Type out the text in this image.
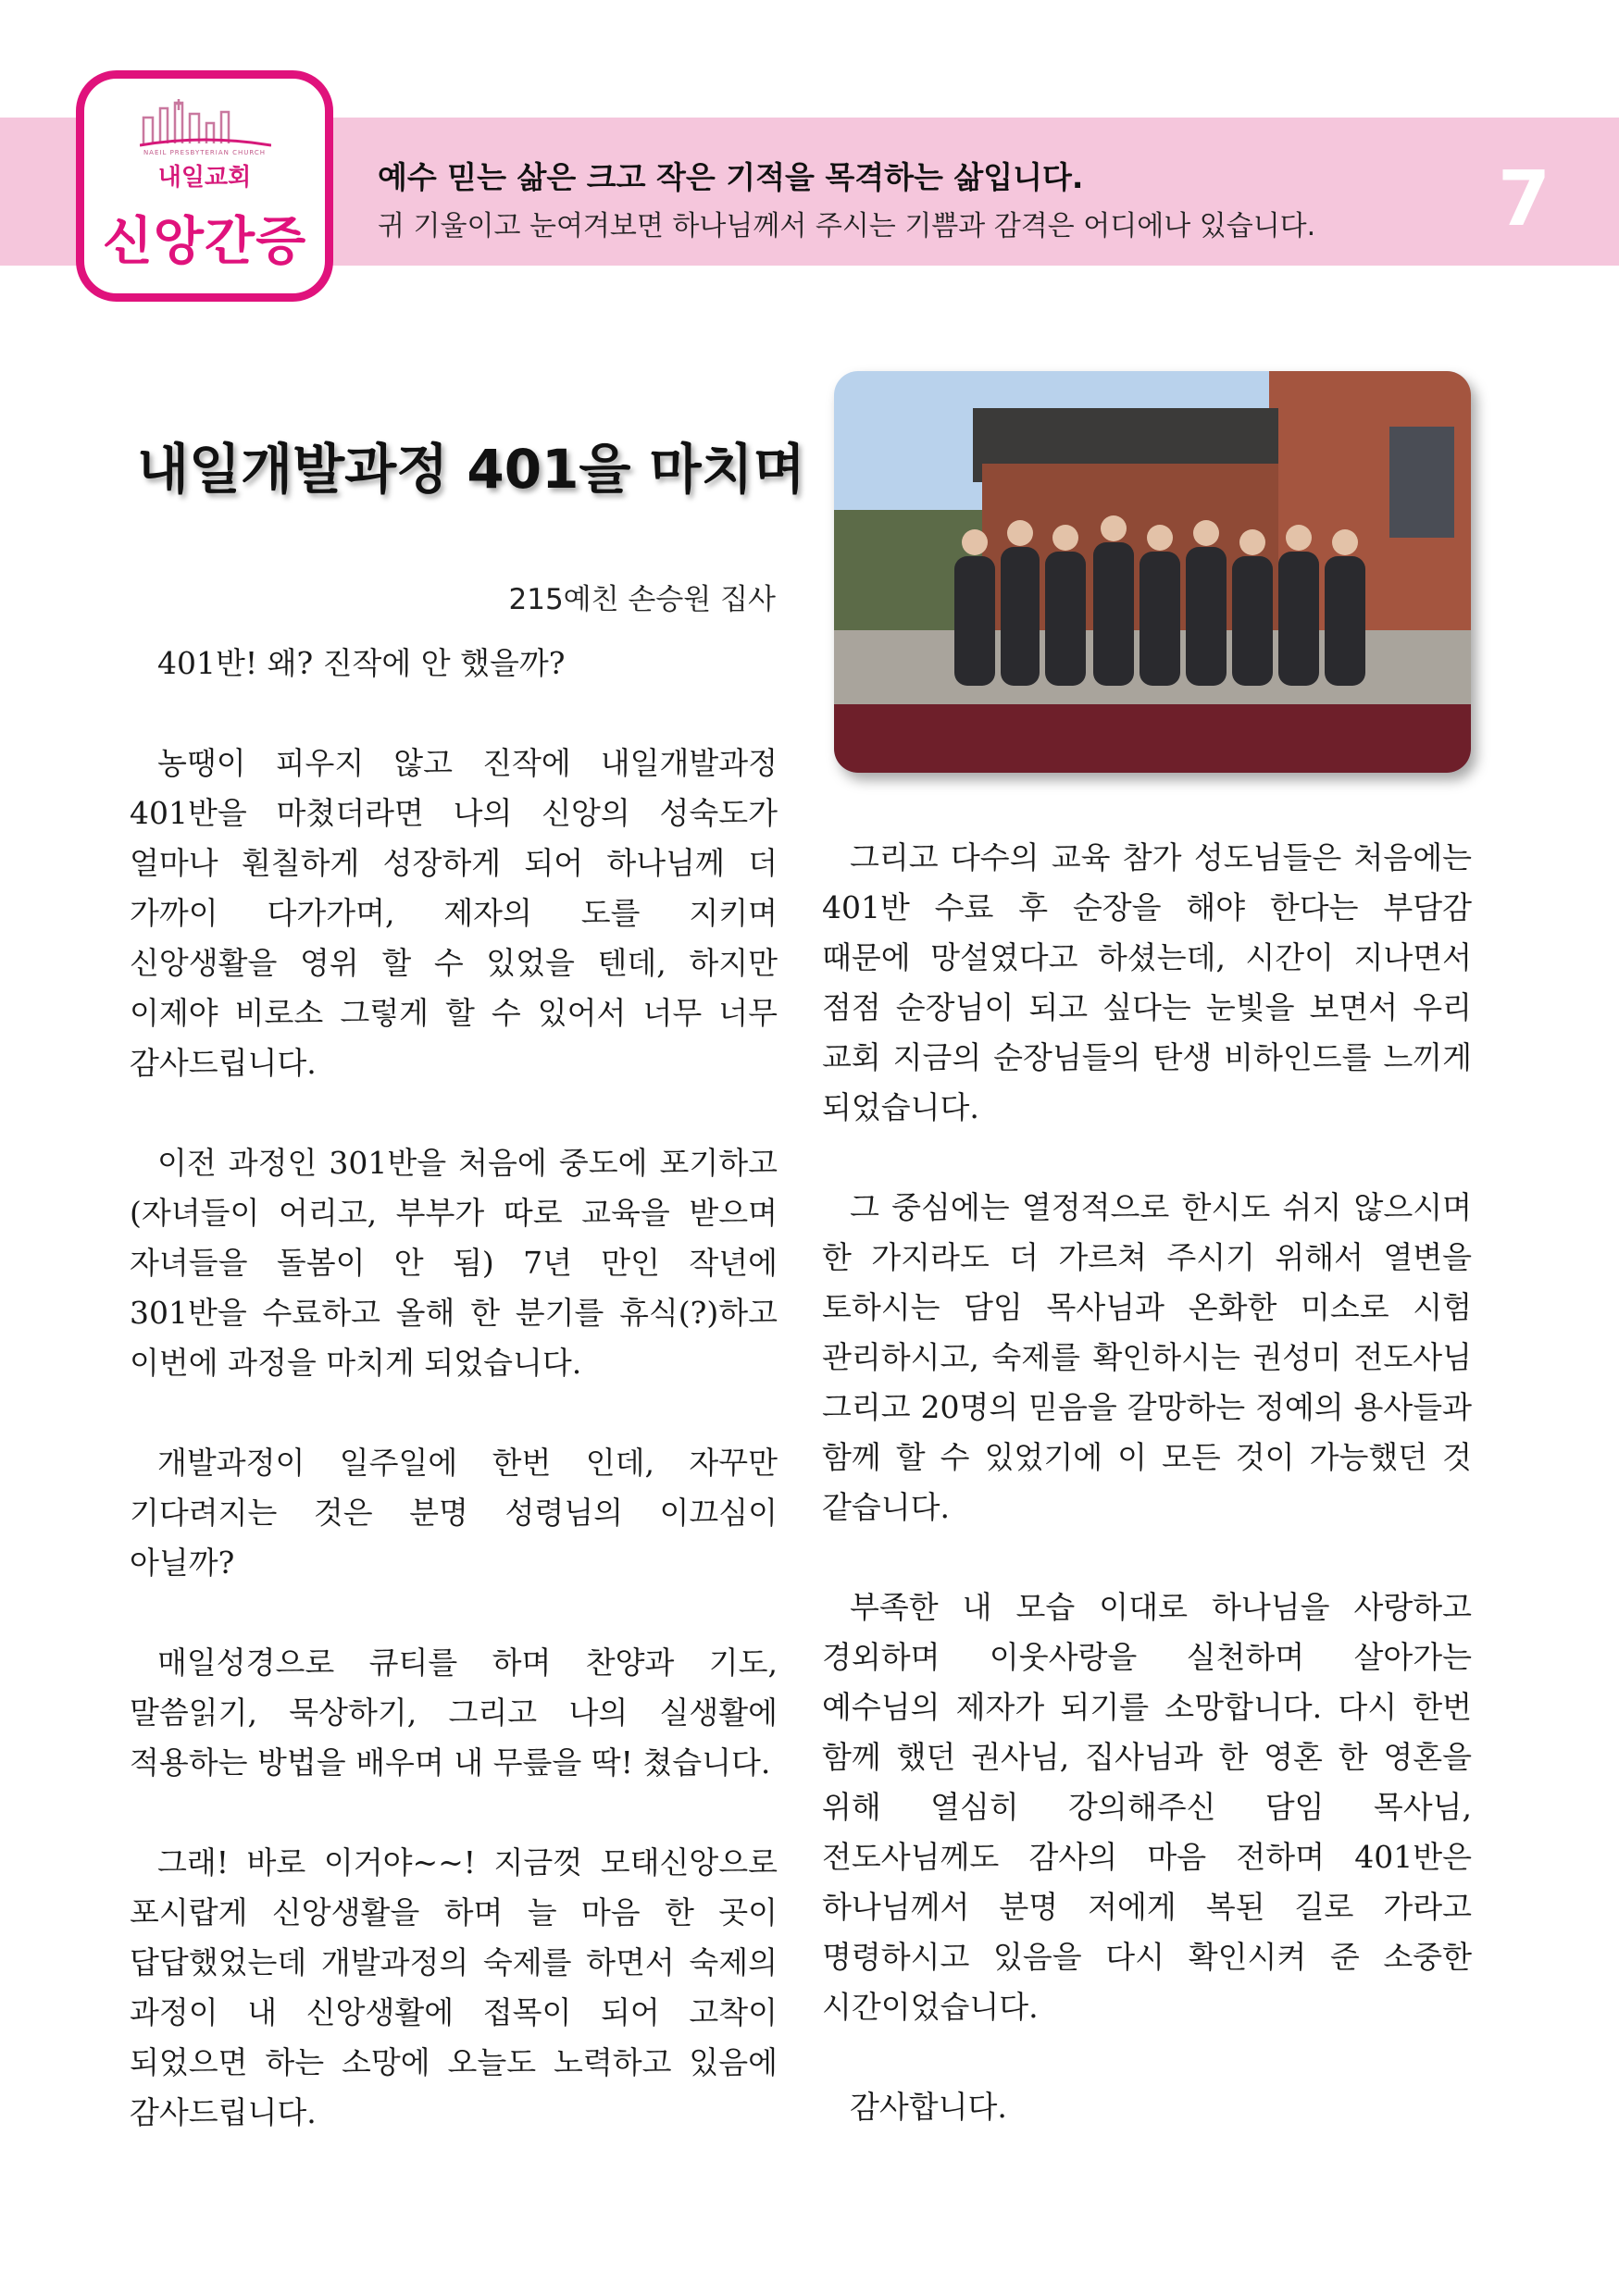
NAEIL PRESBYTERIAN CHURCH
내일교회
신앙간증
예수 믿는 삶은 크고 작은 기적을 목격하는 삶입니다.
귀 기울이고 눈여겨보면 하나님께서 주시는 기쁨과 감격은 어디에나 있습니다. 7
내일개발과정 401을 마치며
215예친 손승원 집사

401반! 왜? 진작에 안 했을까?

농땡이 피우지 않고 진작에 내일개발과정 401반을 마쳤더라면 나의 신앙의 성숙도가 얼마나 훤칠하게 성장하게 되어 하나님께 더 가까이 다가가며, 제자의 도를 지키며 신앙생활을 영위 할 수 있었을 텐데, 하지만 이제야 비로소 그렇게 할 수 있어서 너무 너무 감사드립니다.

이전 과정인 301반을 처음에 중도에 포기하고(자녀들이 어리고, 부부가 따로 교육을 받으며 자녀들을 돌봄이 안 됨) 7년 만인 작년에 301반을 수료하고 올해 한 분기를 휴식(?)하고 이번에 과정을 마치게 되었습니다.

개발과정이 일주일에 한번 인데, 자꾸만 기다려지는 것은 분명 성령님의 이끄심이 아닐까?

매일성경으로 큐티를 하며 찬양과 기도, 말씀읽기, 묵상하기, 그리고 나의 실생활에 적용하는 방법을 배우며 내 무릎을 딱! 쳤습니다.

그래! 바로 이거야~~! 지금껏 모태신앙으로 포시랍게 신앙생활을 하며 늘 마음 한 곳이 답답했었는데 개발과정의 숙제를 하면서 숙제의 과정이 내 신앙생활에 접목이 되어 고착이 되었으면 하는 소망에 오늘도 노력하고 있음에 감사드립니다.

그리고 다수의 교육 참가 성도님들은 처음에는 401반 수료 후 순장을 해야 한다는 부담감 때문에 망설였다고 하셨는데, 시간이 지나면서 점점 순장님이 되고 싶다는 눈빛을 보면서 우리 교회 지금의 순장님들의 탄생 비하인드를 느끼게 되었습니다.

그 중심에는 열정적으로 한시도 쉬지 않으시며 한 가지라도 더 가르쳐 주시기 위해서 열변을 토하시는 담임 목사님과 온화한 미소로 시험 관리하시고, 숙제를 확인하시는 권성미 전도사님 그리고 20명의 믿음을 갈망하는 정예의 용사들과 함께 할 수 있었기에 이 모든 것이 가능했던 것 같습니다.

부족한 내 모습 이대로 하나님을 사랑하고 경외하며 이웃사랑을 실천하며 살아가는 예수님의 제자가 되기를 소망합니다. 다시 한번 함께 했던 권사님, 집사님과 한 영혼 한 영혼을 위해 열심히 강의해주신 담임 목사님, 전도사님께도 감사의 마음 전하며 401반은 하나님께서 분명 저에게 복된 길로 가라고 명령하시고 있음을 다시 확인시켜 준 소중한 시간이었습니다.

감사합니다.
